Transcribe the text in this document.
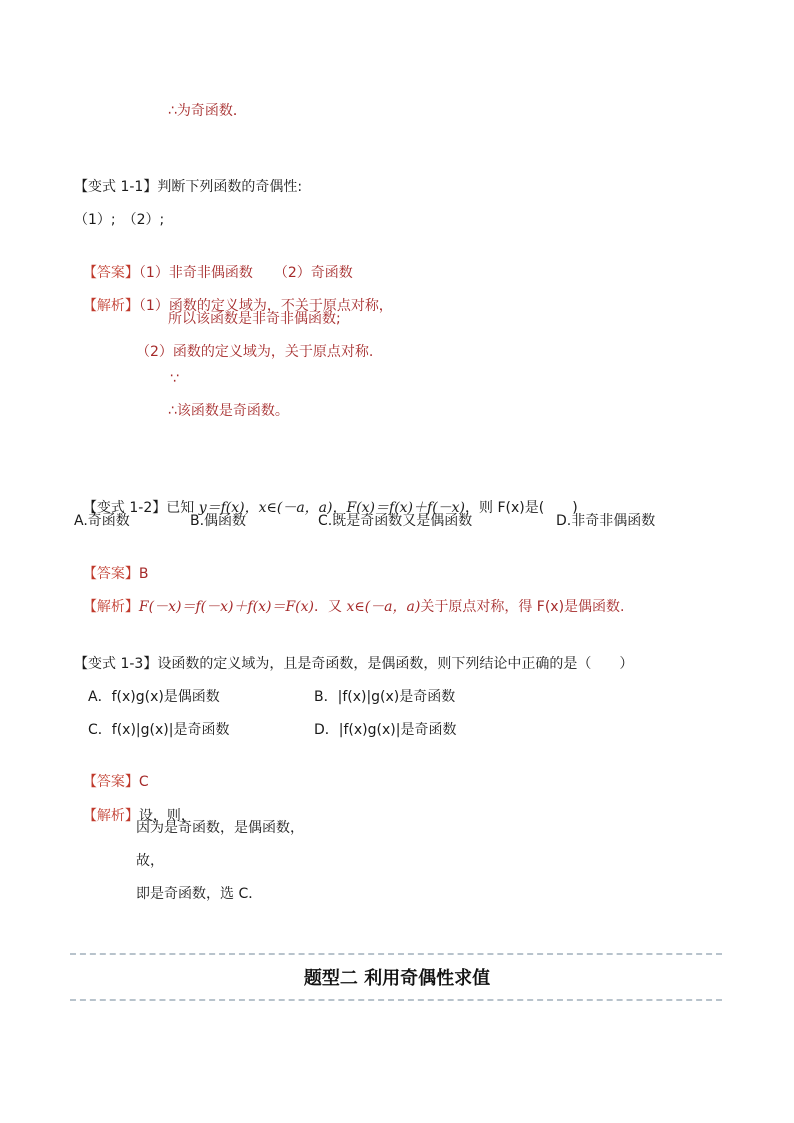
∴为奇函数．
【变式 1-1】判断下列函数的奇偶性:
（1）;　（2）;

【答案】（1）非奇非偶函数　　（2）奇函数

【解析】（1）函数的定义域为，不关于原点对称，

所以该函数是非奇非偶函数;
（2）函数的定义域为，关于原点对称.
∵
∴该函数是奇函数。

【变式 1-2】已知 y＝f(x)，x∈(－a，a)，F(x)＝f(x)＋f(－x)，则 F(x)是(　　)

A.奇函数	B.偶函数	C.既是奇函数又是偶函数	D.非奇非偶函数

【答案】B

【解析】F(－x)＝f(－x)＋f(x)＝F(x)．又 x∈(－a，a)关于原点对称，得 F(x)是偶函数.

【变式 1-3】设函数的定义域为，且是奇函数，是偶函数，则下列结论中正确的是（　　）
A．f(x)g(x)是偶函数	B．|f(x)|g(x)是奇函数
C．f(x)|g(x)|是奇函数	D．|f(x)g(x)|是奇函数

【答案】C

【解析】设，则，

因为是奇函数，是偶函数，
故，
即是奇函数，选 C．
题型二 利用奇偶性求值
